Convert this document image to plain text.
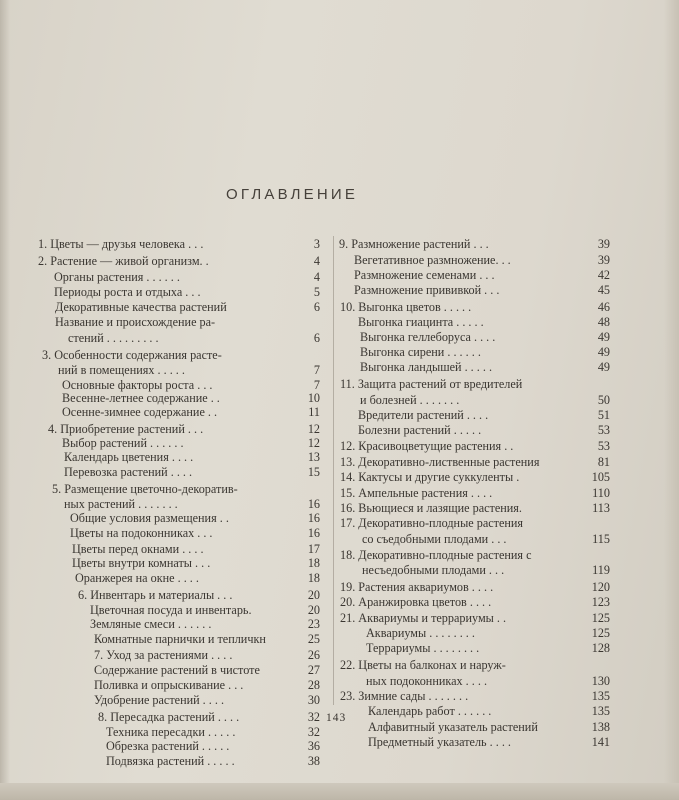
ОГЛАВЛЕНИЕ
1. Цветы — друзья человека . . .	3
2. Растение — живой организм. .	4
Органы растения . . . . . .	4
Периоды роста и отдыха . . .	5
Декоративные качества растений	6
Название и происхождение ра-
стений . . . . . . . . .	6
3. Особенности содержания расте-
ний в помещениях . . . . .	7
Основные факторы роста . . .	7
Весенне-летнее содержание . .	10
Осенне-зимнее содержание . .	11
4. Приобретение растений . . .	12
Выбор растений . . . . . .	12
Календарь цветения . . . .	13
Перевозка растений . . . .	15
5. Размещение цветочно-декоратив-
ных растений . . . . . . .	16
Общие условия размещения . .	16
Цветы на подоконниках . . .	16
Цветы перед окнами . . . .	17
Цветы внутри комнаты . . .	18
Оранжерея на окне . . . .	18
6. Инвентарь и материалы . . .	20
Цветочная посуда и инвентарь.	20
Земляные смеси . . . . . .	23
Комнатные парнички и тепличкн	25
7. Уход за растениями . . . .	26
Содержание растений в чистоте	27
Поливка и опрыскивание . . .	28
Удобрение растений . . . .	30
8. Пересадка растений . . . .	32
Техника пересадки . . . . .	32
Обрезка растений . . . . .	36
Подвязка растений . . . . .	38
9. Размножение растений . . .	39
Вегетативное размножение. . .	39
Размножение семенами . . .	42
Размножение прививкой . . .	45
10. Выгонка цветов . . . . .	46
Выгонка гиацинта . . . . .	48
Выгонка геллеборуса . . . .	49
Выгонка сирени . . . . . .	49
Выгонка ландышей . . . . .	49
11. Защита растений от вредителей
и болезней . . . . . . .	50
Вредители растений . . . .	51
Болезни растений . . . . .	53
12. Красивоцветущие растения . .	53
13. Декоративно-лиственные растения	81
14. Кактусы и другие суккуленты .	105
15. Ампельные растения . . . .	110
16. Вьющиеся и лазящие растения.	113
17. Декоративно-плодные растения
со съедобными плодами . . .	115
18. Декоративно-плодные растения с
несъедобными плодами . . .	119
19. Растения аквариумов . . . .	120
20. Аранжировка цветов . . . .	123
21. Аквариумы и террариумы . .	125
Аквариумы . . . . . . . .	125
Террариумы . . . . . . . .	128
22. Цветы на балконах и наруж-
ных подоконниках . . . .	130
23. Зимние сады . . . . . . .	135
Календарь работ . . . . . .	135
Алфавитный указатель растений	138
Предметный указатель . . . .	141
143
